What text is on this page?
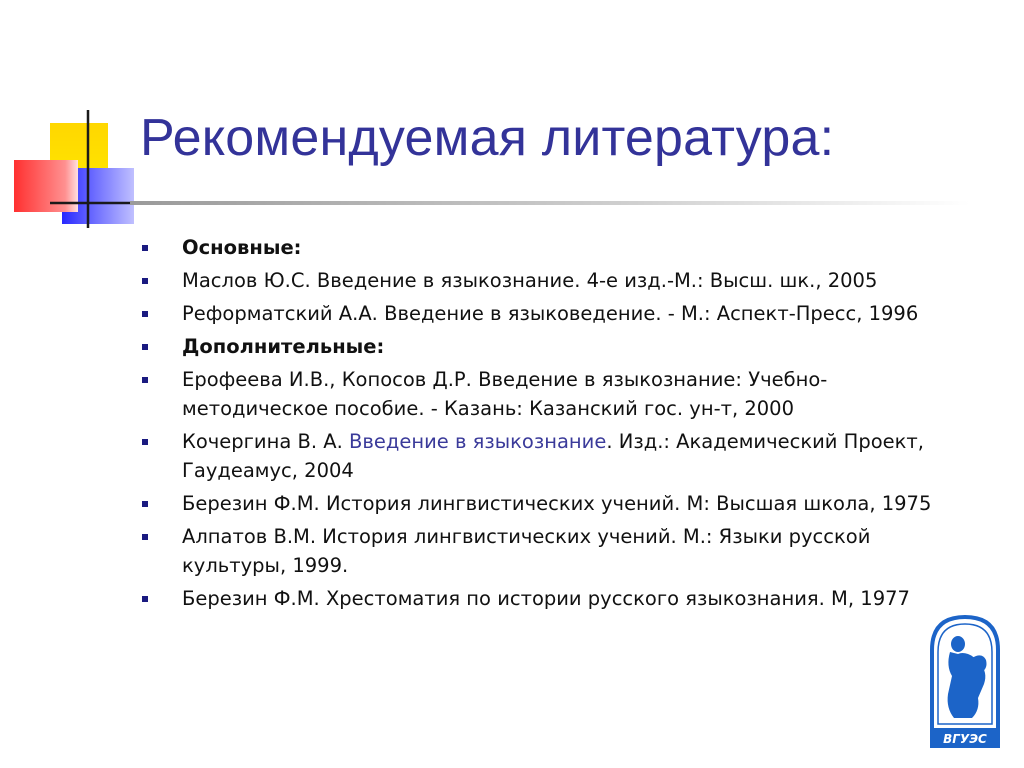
Рекомендуемая литература:
Основные:
Маслов Ю.С. Введение в языкознание. 4-е изд.-М.: Высш. шк., 2005
Реформатский А.А. Введение в языковедение. - М.: Аспект-Пресс, 1996
Дополнительные:
Ерофеева И.В., Копосов Д.Р. Введение в языкознание: Учебно-методическое пособие. - Казань: Казанский гос. ун-т, 2000
Кочергина В. А. Введение в языкознание. Изд.: Академический Проект, Гаудеамус, 2004
Березин Ф.М. История лингвистических учений. М: Высшая школа, 1975
Алпатов В.М. История лингвистических учений. М.: Языки русской культуры, 1999.
Березин Ф.М. Хрестоматия по истории русского языкознания. М, 1977
ВГУЭС
